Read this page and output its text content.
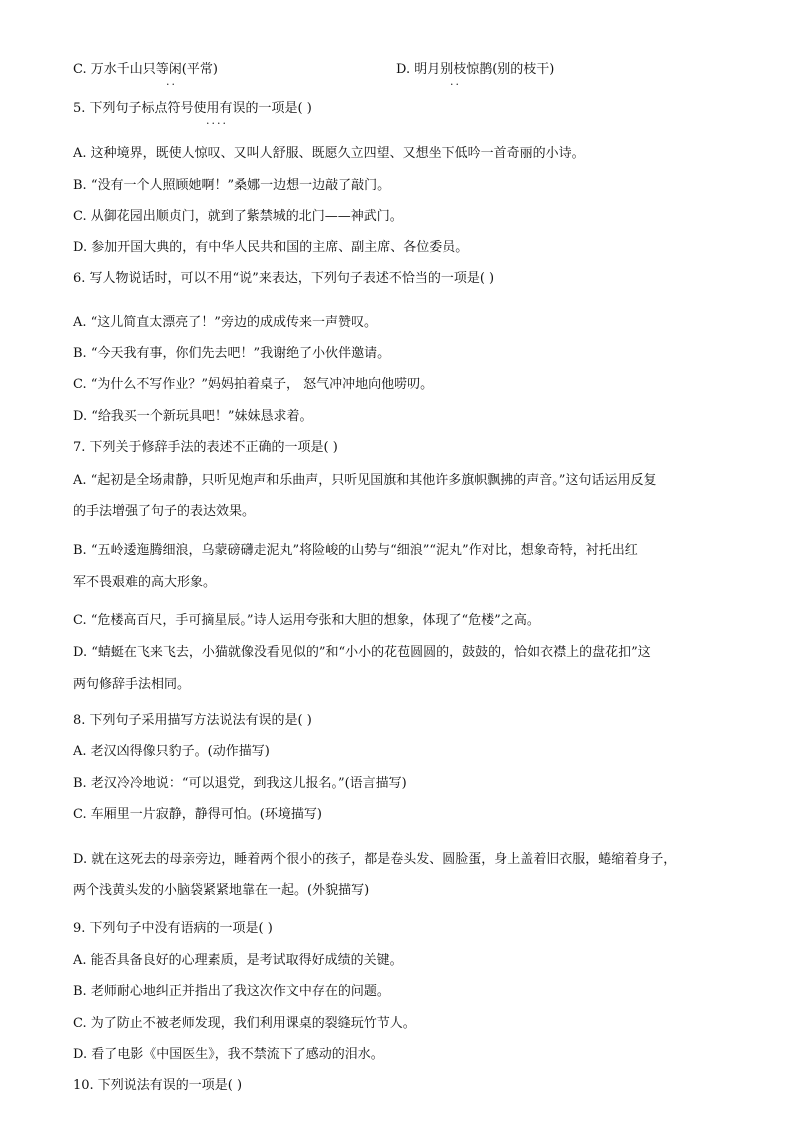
C. 万水千山只等闲(平常)	D. 明月别枝惊鹊(别的枝干)
··	··
5. 下列句子标点符号使用有误的一项是( )
····
A. 这种境界，既使人惊叹、又叫人舒服、既愿久立四望、又想坐下低吟一首奇丽的小诗。
B. “没有一个人照顾她啊！”桑娜一边想一边敲了敲门。
C. 从御花园出顺贞门，就到了紫禁城的北门——神武门。
D. 参加开国大典的，有中华人民共和国的主席、副主席、各位委员。
6. 写人物说话时，可以不用“说”来表达，下列句子表述不恰当的一项是( )
A. “这儿简直太漂亮了！”旁边的成成传来一声赞叹。
B. “今天我有事，你们先去吧！”我谢绝了小伙伴邀请。
C. “为什么不写作业？”妈妈拍着桌子， 怒气冲冲地向他唠叨。
D. “给我买一个新玩具吧！”妹妹恳求着。
7. 下列关于修辞手法的表述不正确的一项是( )
A. “起初是全场肃静，只听见炮声和乐曲声，只听见国旗和其他许多旗帜飘拂的声音。”这句话运用反复
的手法增强了句子的表达效果。
B. “五岭逶迤腾细浪，乌蒙磅礴走泥丸”将险峻的山势与“细浪”“泥丸”作对比，想象奇特，衬托出红
军不畏艰难的高大形象。
C. “危楼高百尺，手可摘星辰。”诗人运用夸张和大胆的想象，体现了“危楼”之高。
D. “蜻蜓在飞来飞去，小猫就像没看见似的”和“小小的花苞圆圆的，鼓鼓的，恰如衣襟上的盘花扣”这
两句修辞手法相同。
8. 下列句子采用描写方法说法有误的是( )
A. 老汉凶得像只豹子。(动作描写)
B. 老汉冷冷地说：“可以退党，到我这儿报名。”(语言描写)
C. 车厢里一片寂静，静得可怕。(环境描写)
D. 就在这死去的母亲旁边，睡着两个很小的孩子，都是卷头发、圆脸蛋，身上盖着旧衣服，蜷缩着身子，
两个浅黄头发的小脑袋紧紧地靠在一起。(外貌描写)
9. 下列句子中没有语病的一项是( )
A. 能否具备良好的心理素质，是考试取得好成绩的关键。
B. 老师耐心地纠正并指出了我这次作文中存在的问题。
C. 为了防止不被老师发现，我们利用课桌的裂缝玩竹节人。
D. 看了电影《中国医生》，我不禁流下了感动的泪水。
10. 下列说法有误的一项是( )
